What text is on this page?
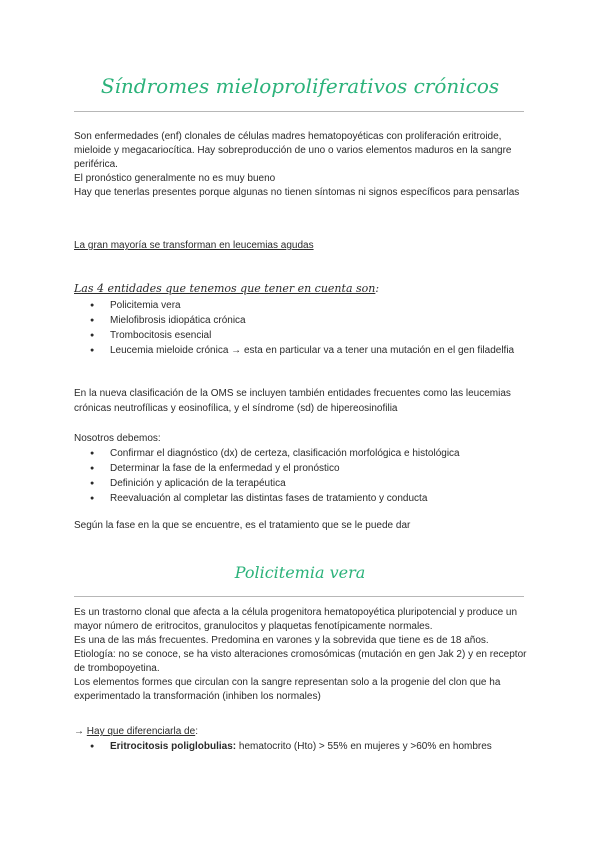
Síndromes mieloproliferativos crónicos

Son enfermedades (enf) clonales de células madres hematopoyéticas con proliferación eritroide, mieloide y megacariocítica. Hay sobreproducción de uno o varios elementos maduros en la sangre periférica.

El pronóstico generalmente no es muy bueno

Hay que tenerlas presentes porque algunas no tienen síntomas ni signos específicos para pensarlas

La gran mayoría se transforman en leucemias agudas
Las 4 entidades que tenemos que tener en cuenta son:
● Policitemia vera
● Mielofibrosis idiopática crónica
● Trombocitosis esencial
● Leucemia mieloide crónica → esta en particular va a tener una mutación en el gen filadelfia
En la nueva clasificación de la OMS se incluyen también entidades frecuentes como las leucemias crónicas neutrofílicas y eosinofílica, y el síndrome (sd) de hipereosinofilia
Nosotros debemos:
● Confirmar el diagnóstico (dx) de certeza, clasificación morfológica e histológica
● Determinar la fase de la enfermedad y el pronóstico
● Definición y aplicación de la terapéutica
● Reevaluación al completar las distintas fases de tratamiento y conducta
Según la fase en la que se encuentre, es el tratamiento que se le puede dar
Policitemia vera

Es un trastorno clonal que afecta a la célula progenitora hematopoyética pluripotencial y produce un mayor número de eritrocitos, granulocitos y plaquetas fenotípicamente normales.

Es una de las más frecuentes. Predomina en varones y la sobrevida que tiene es de 18 años.

Etiología: no se conoce, se ha visto alteraciones cromosómicas (mutación en gen Jak 2) y en receptor de trombopoyetina.

Los elementos formes que circulan con la sangre representan solo a la progenie del clon que ha experimentado la transformación (inhiben los normales)

→ Hay que diferenciarla de:
● Eritrocitosis poliglobulias: hematocrito (Hto) > 55% en mujeres y >60% en hombres
